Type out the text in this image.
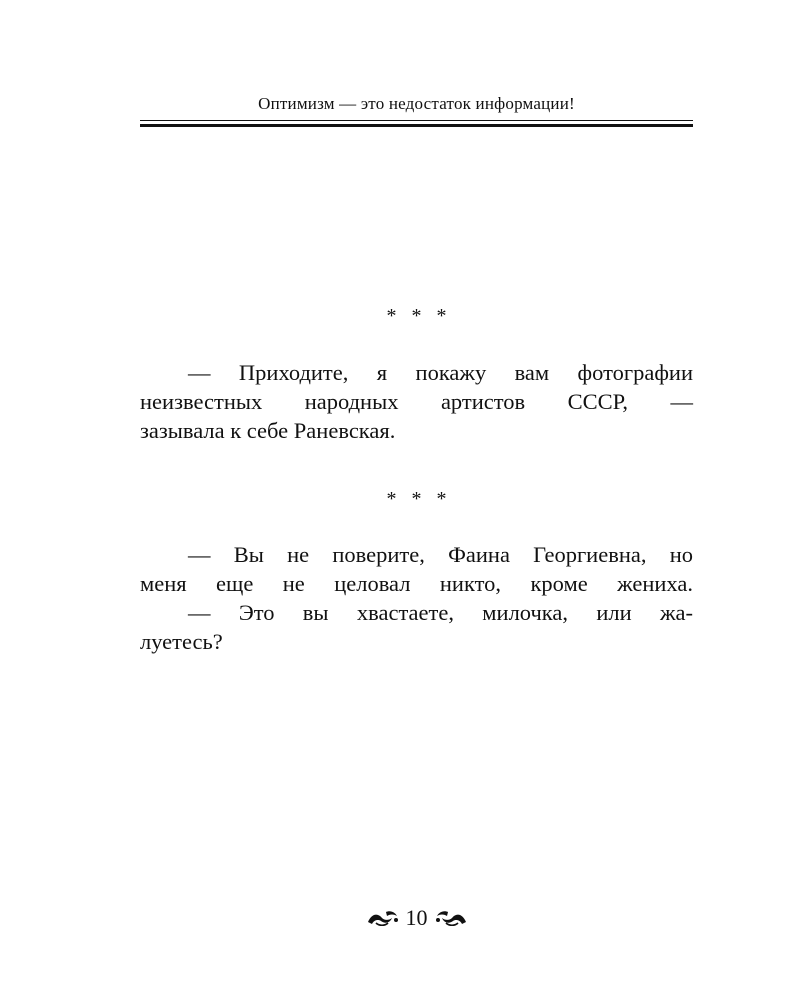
Оптимизм — это недостаток информации!
*   *   *
— Приходите, я покажу вам фотографии
неизвестных народных артистов СССР, —
зазывала к себе Раневская.
*   *   *
— Вы не поверите, Фаина Георгиевна, но
меня еще не целовал никто, кроме жениха.
— Это вы хвастаете, милочка, или жа-
луетесь?
10
